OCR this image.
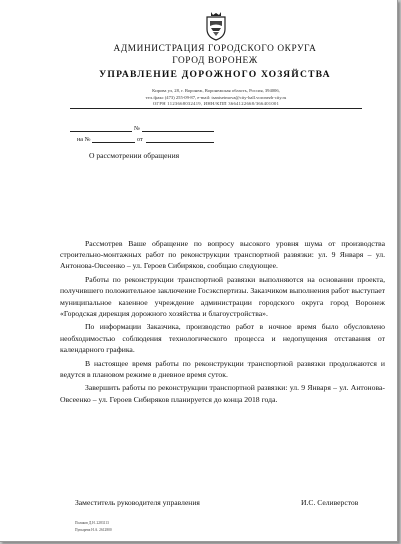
АДМИНИСТРАЦИЯ ГОРОДСКОГО ОКРУГА
ГОРОД ВОРОНЕЖ
УПРАВЛЕНИЕ ДОРОЖНОГО ХОЗЯЙСТВА
Кирова ул, 28, г. Воронеж, Воронежская область, Россия, 394006,
тел./факс (473) 255-09-87, e-mail: tsaniseimova@city-hall.voronezh-city.ru
ОГРН 1123668032419, ИНН/КПП 3664122668/366401001
№
на №	от
О рассмотрении обращения

Рассмотрев Ваше обращение по вопросу высокого уровня шума от производства строительно-монтажных работ по реконструкции транспортной развязки: ул. 9 Января – ул. Антонова-Овсеенко – ул. Героев Сибиряков, сообщаю следующее.

Работы по реконструкции транспортной развязки выполняются на основании проекта, получившего положительное заключение Госэкспертизы. Заказчиком выполнения работ выступает муниципальное казенное учреждение администрации городского округа город Воронеж «Городская дирекция дорожного хозяйства и благоустройства».

По информации Заказчика, производство работ в ночное время было обусловлено необходимостью соблюдения технологического процесса и недопущения отставания от календарного графика.

В настоящее время работы по реконструкции транспортной развязки продолжаются и ведутся в плановом режиме в дневное время суток.

Завершить работы по реконструкции транспортной развязки: ул. 9 Января – ул. Антонова-Овсеенко – ул. Героев Сибиряков планируется до конца 2018 года.

Заместитель руководителя управления	И.С. Селиверстов
Поляков Д.Н. 2283113
Пупырева Н.А. 2612800
